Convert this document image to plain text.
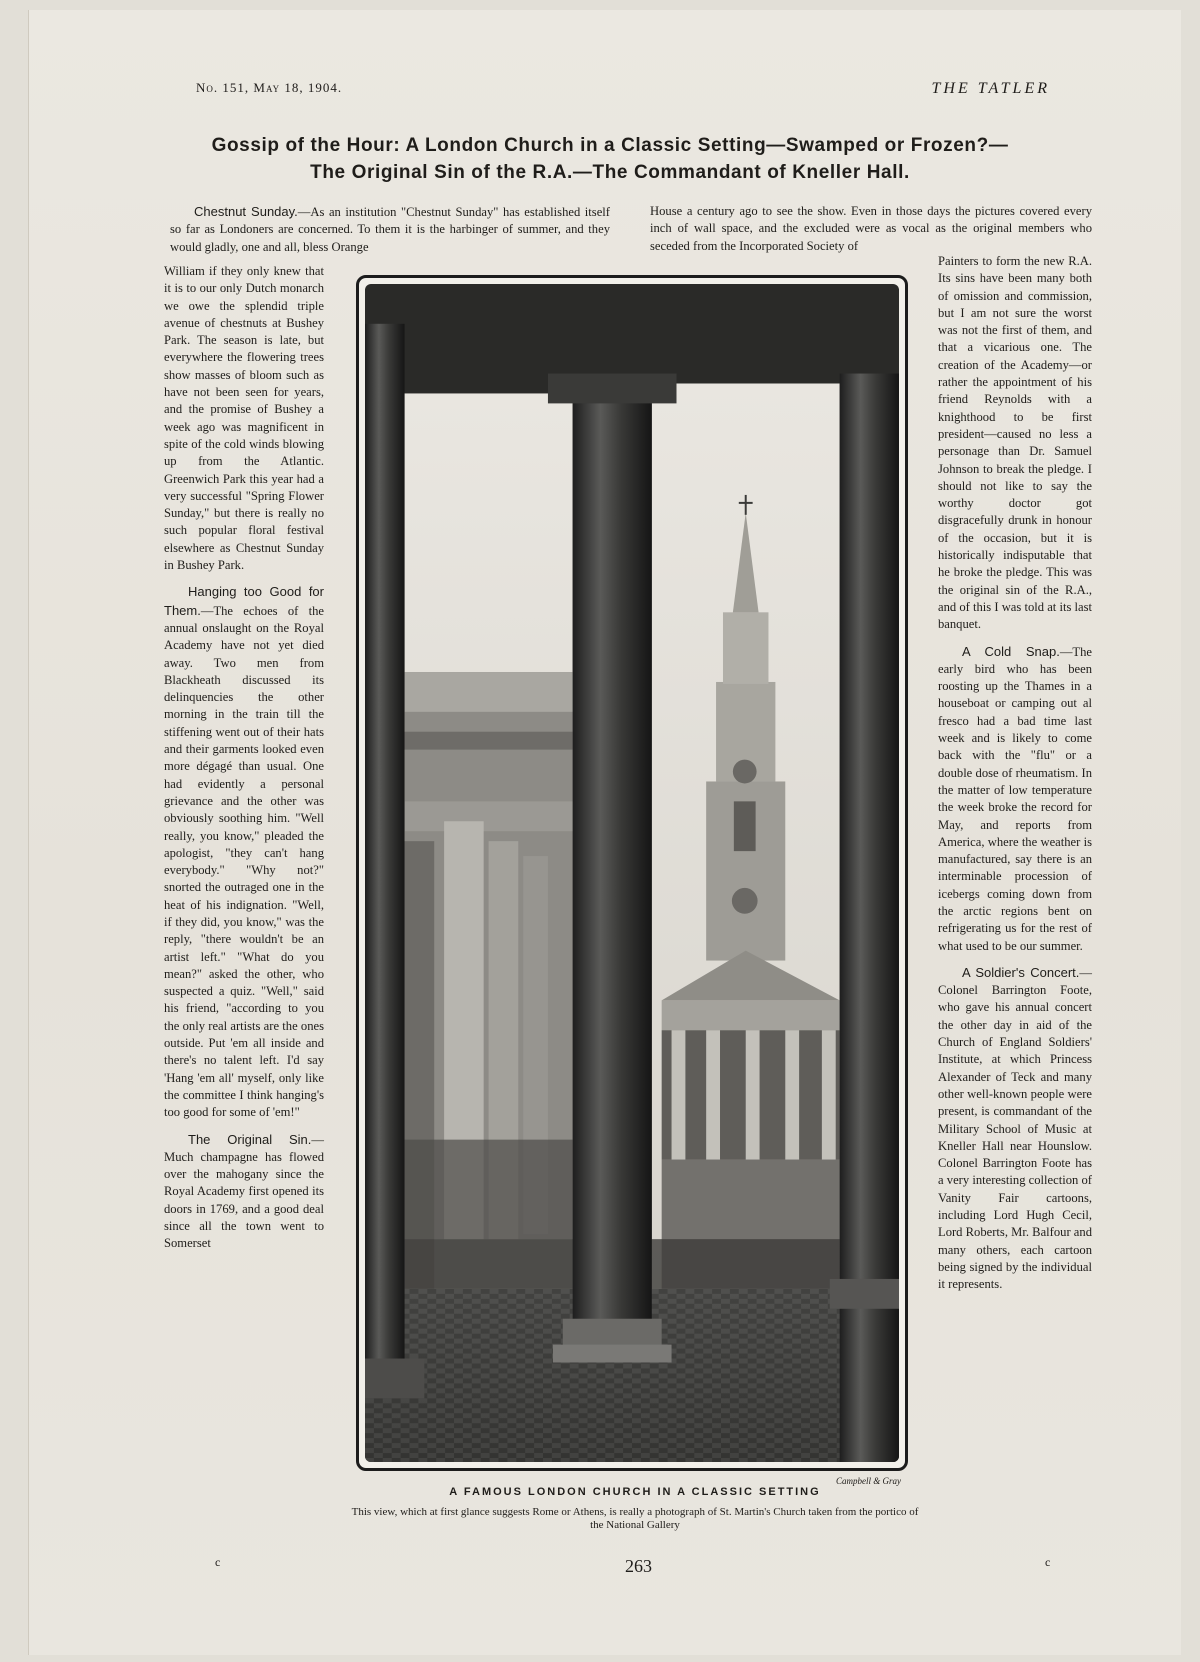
No. 151, May 18, 1904.	THE TATLER
Gossip of the Hour: A London Church in a Classic Setting—Swamped or Frozen?—
The Original Sin of the R.A.—The Commandant of Kneller Hall.

Chestnut Sunday.—As an institution "Chestnut Sunday" has established itself so far as Londoners are concerned. To them it is the harbinger of summer, and they would gladly, one and all, bless Orange

House a century ago to see the show. Even in those days the pictures covered every inch of wall space, and the excluded were as vocal as the original members who seceded from the Incorporated Society of

William if they only knew that it is to our only Dutch monarch we owe the splendid triple avenue of chestnuts at Bushey Park. The season is late, but everywhere the flowering trees show masses of bloom such as have not been seen for years, and the promise of Bushey a week ago was magnificent in spite of the cold winds blowing up from the Atlantic. Greenwich Park this year had a very successful "Spring Flower Sunday," but there is really no such popular floral festival elsewhere as Chestnut Sunday in Bushey Park.

Hanging too Good for Them.—The echoes of the annual onslaught on the Royal Academy have not yet died away. Two men from Blackheath discussed its delinquencies the other morning in the train till the stiffening went out of their hats and their garments looked even more dégagé than usual. One had evidently a personal grievance and the other was obviously soothing him. "Well really, you know," pleaded the apologist, "they can't hang everybody." "Why not?" snorted the outraged one in the heat of his indignation. "Well, if they did, you know," was the reply, "there wouldn't be an artist left." "What do you mean?" asked the other, who suspected a quiz. "Well," said his friend, "according to you the only real artists are the ones outside. Put 'em all inside and there's no talent left. I'd say 'Hang 'em all' myself, only like the committee I think hanging's too good for some of 'em!"

The Original Sin.—Much champagne has flowed over the mahogany since the Royal Academy first opened its doors in 1769, and a good deal since all the town went to Somerset

Painters to form the new R.A. Its sins have been many both of omission and commission, but I am not sure the worst was not the first of them, and that a vicarious one. The creation of the Academy—or rather the appointment of his friend Reynolds with a knighthood to be first president—caused no less a personage than Dr. Samuel Johnson to break the pledge. I should not like to say the worthy doctor got disgracefully drunk in honour of the occasion, but it is historically indisputable that he broke the pledge. This was the original sin of the R.A., and of this I was told at its last banquet.

A Cold Snap.—The early bird who has been roosting up the Thames in a houseboat or camping out al fresco had a bad time last week and is likely to come back with the "flu" or a double dose of rheumatism. In the matter of low temperature the week broke the record for May, and reports from America, where the weather is manufactured, say there is an interminable procession of icebergs coming down from the arctic regions bent on refrigerating us for the rest of what used to be our summer.

A Soldier's Concert.—Colonel Barrington Foote, who gave his annual concert the other day in aid of the Church of England Soldiers' Institute, at which Princess Alexander of Teck and many other well-known people were present, is commandant of the Military School of Music at Kneller Hall near Hounslow. Colonel Barrington Foote has a very interesting collection of Vanity Fair cartoons, including Lord Hugh Cecil, Lord Roberts, Mr. Balfour and many others, each cartoon being signed by the individual it represents.

Campbell & Gray
A FAMOUS LONDON CHURCH IN A CLASSIC SETTING
This view, which at first glance suggests Rome or Athens, is really a photograph of St. Martin's Church taken from the portico of the National Gallery
c	263	c
